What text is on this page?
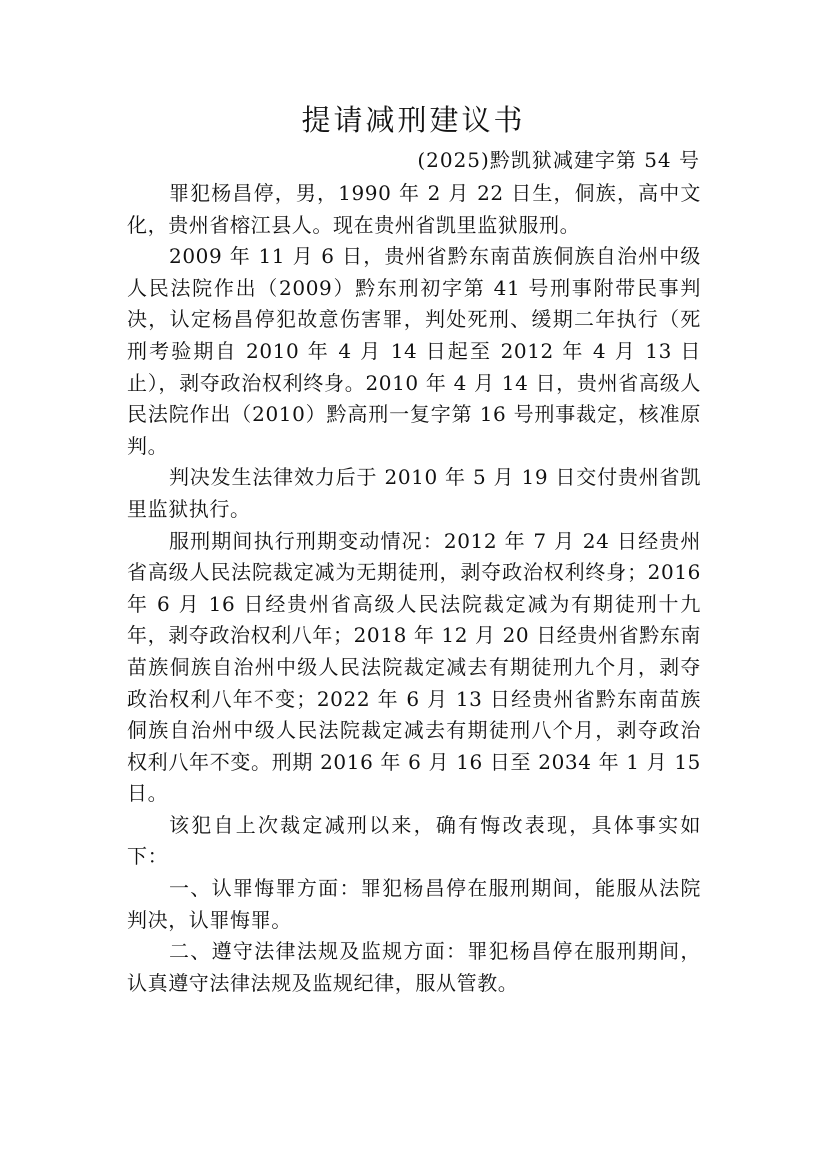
提请减刑建议书
(2025)黔凯狱减建字第 54 号

罪犯杨昌停，男，1990 年 2 月 22 日生，侗族，高中文化，贵州省榕江县人。现在贵州省凯里监狱服刑。

2009 年 11 月 6 日，贵州省黔东南苗族侗族自治州中级人民法院作出（2009）黔东刑初字第 41 号刑事附带民事判决，认定杨昌停犯故意伤害罪，判处死刑、缓期二年执行（死刑考验期自 2010 年 4 月 14 日起至 2012 年 4 月 13 日止），剥夺政治权利终身。2010 年 4 月 14 日，贵州省高级人民法院作出（2010）黔高刑一复字第 16 号刑事裁定，核准原判。

判决发生法律效力后于 2010 年 5 月 19 日交付贵州省凯里监狱执行。

服刑期间执行刑期变动情况：2012 年 7 月 24 日经贵州省高级人民法院裁定减为无期徒刑，剥夺政治权利终身；2016 年 6 月 16 日经贵州省高级人民法院裁定减为有期徒刑十九年，剥夺政治权利八年；2018 年 12 月 20 日经贵州省黔东南苗族侗族自治州中级人民法院裁定减去有期徒刑九个月，剥夺政治权利八年不变；2022 年 6 月 13 日经贵州省黔东南苗族侗族自治州中级人民法院裁定减去有期徒刑八个月，剥夺政治权利八年不变。刑期 2016 年 6 月 16 日至 2034 年 1 月 15 日。

该犯自上次裁定减刑以来，确有悔改表现，具体事实如下：

一、认罪悔罪方面：罪犯杨昌停在服刑期间，能服从法院判决，认罪悔罪。

二、遵守法律法规及监规方面：罪犯杨昌停在服刑期间，认真遵守法律法规及监规纪律，服从管教。
